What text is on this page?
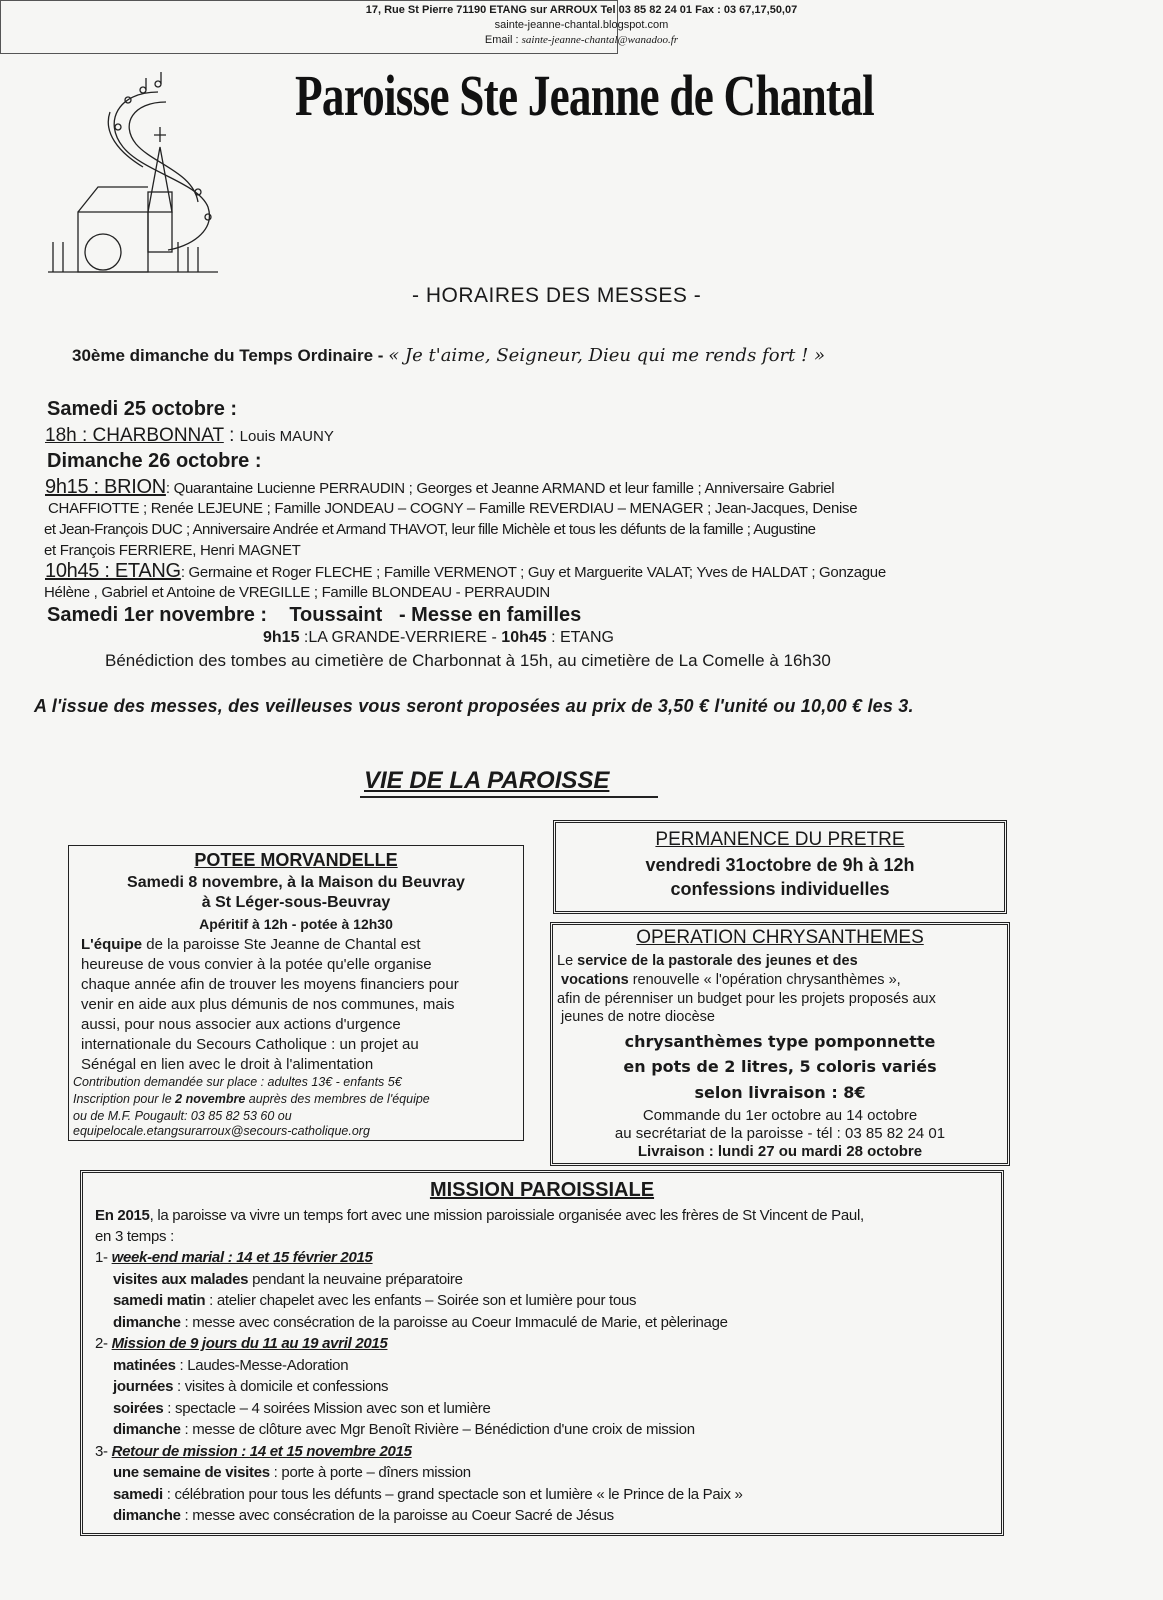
Paroisse Ste Jeanne de Chantal
17, Rue St Pierre 71190 ETANG sur ARROUX Tel 03 85 82 24 01 Fax : 03 67,17,50,07
sainte-jeanne-chantal.blogspot.com
Email : sainte-jeanne-chantal@wanadoo.fr
- HORAIRES DES MESSES -
30ème dimanche du Temps Ordinaire - « Je t'aime, Seigneur, Dieu qui me rends fort ! »
Samedi 25 octobre :
18h : CHARBONNAT : Louis MAUNY
Dimanche 26 octobre :
9h15 : BRION: Quarantaine Lucienne PERRAUDIN ; Georges et Jeanne ARMAND et leur famille ; Anniversaire Gabriel
CHAFFIOTTE ; Renée LEJEUNE ; Famille JONDEAU – COGNY – Famille REVERDIAU – MENAGER ; Jean-Jacques, Denise
et Jean-François DUC ; Anniversaire Andrée et Armand THAVOT, leur fille Michèle et tous les défunts de la famille ; Augustine
et François FERRIERE, Henri MAGNET
10h45 : ETANG: Germaine et Roger FLECHE ; Famille VERMENOT ; Guy et Marguerite VALAT; Yves de HALDAT ; Gonzague
Hélène , Gabriel et Antoine de VREGILLE ; Famille BLONDEAU - PERRAUDIN
Samedi 1er novembre : Toussaint - Messe en familles
9h15 :LA GRANDE-VERRIERE - 10h45 : ETANG
Bénédiction des tombes au cimetière de Charbonnat à 15h, au cimetière de La Comelle à 16h30
A l'issue des messes, des veilleuses vous seront proposées au prix de 3,50 € l'unité ou 10,00 € les 3.
VIE DE LA PAROISSE
POTEE MORVANDELLE
Samedi 8 novembre, à la Maison du Beuvray
à St Léger-sous-Beuvray
Apéritif à 12h - potée à 12h30
L'équipe de la paroisse Ste Jeanne de Chantal est
heureuse de vous convier à la potée qu'elle organise
chaque année afin de trouver les moyens financiers pour
venir en aide aux plus démunis de nos communes, mais
aussi, pour nous associer aux actions d'urgence
internationale du Secours Catholique : un projet au
Sénégal en lien avec le droit à l'alimentation
Contribution demandée sur place : adultes 13€ - enfants 5€
Inscription pour le 2 novembre auprès des membres de l'équipe
ou de M.F. Pougault: 03 85 82 53 60 ou
equipelocale.etangsurarroux@secours-catholique.org
PERMANENCE DU PRETRE
vendredi 31octobre de 9h à 12h
confessions individuelles
OPERATION CHRYSANTHEMES
Le service de la pastorale des jeunes et des
vocations renouvelle « l'opération chrysanthèmes »,
afin de pérenniser un budget pour les projets proposés aux
jeunes de notre diocèse
chrysanthèmes type pomponnette
en pots de 2 litres, 5 coloris variés
selon livraison : 8€
Commande du 1er octobre au 14 octobre
au secrétariat de la paroisse - tél : 03 85 82 24 01
Livraison : lundi 27 ou mardi 28 octobre
MISSION PAROISSIALE
En 2015, la paroisse va vivre un temps fort avec une mission paroissiale organisée avec les frères de St Vincent de Paul,
en 3 temps :
1- week-end marial : 14 et 15 février 2015
visites aux malades pendant la neuvaine préparatoire
samedi matin : atelier chapelet avec les enfants – Soirée son et lumière pour tous
dimanche : messe avec consécration de la paroisse au Coeur Immaculé de Marie, et pèlerinage
2- Mission de 9 jours du 11 au 19 avril 2015
matinées : Laudes-Messe-Adoration
journées : visites à domicile et confessions
soirées : spectacle – 4 soirées Mission avec son et lumière
dimanche : messe de clôture avec Mgr Benoît Rivière – Bénédiction d'une croix de mission
3- Retour de mission : 14 et 15 novembre 2015
une semaine de visites : porte à porte – dîners mission
samedi : célébration pour tous les défunts – grand spectacle son et lumière « le Prince de la Paix »
dimanche : messe avec consécration de la paroisse au Coeur Sacré de Jésus
